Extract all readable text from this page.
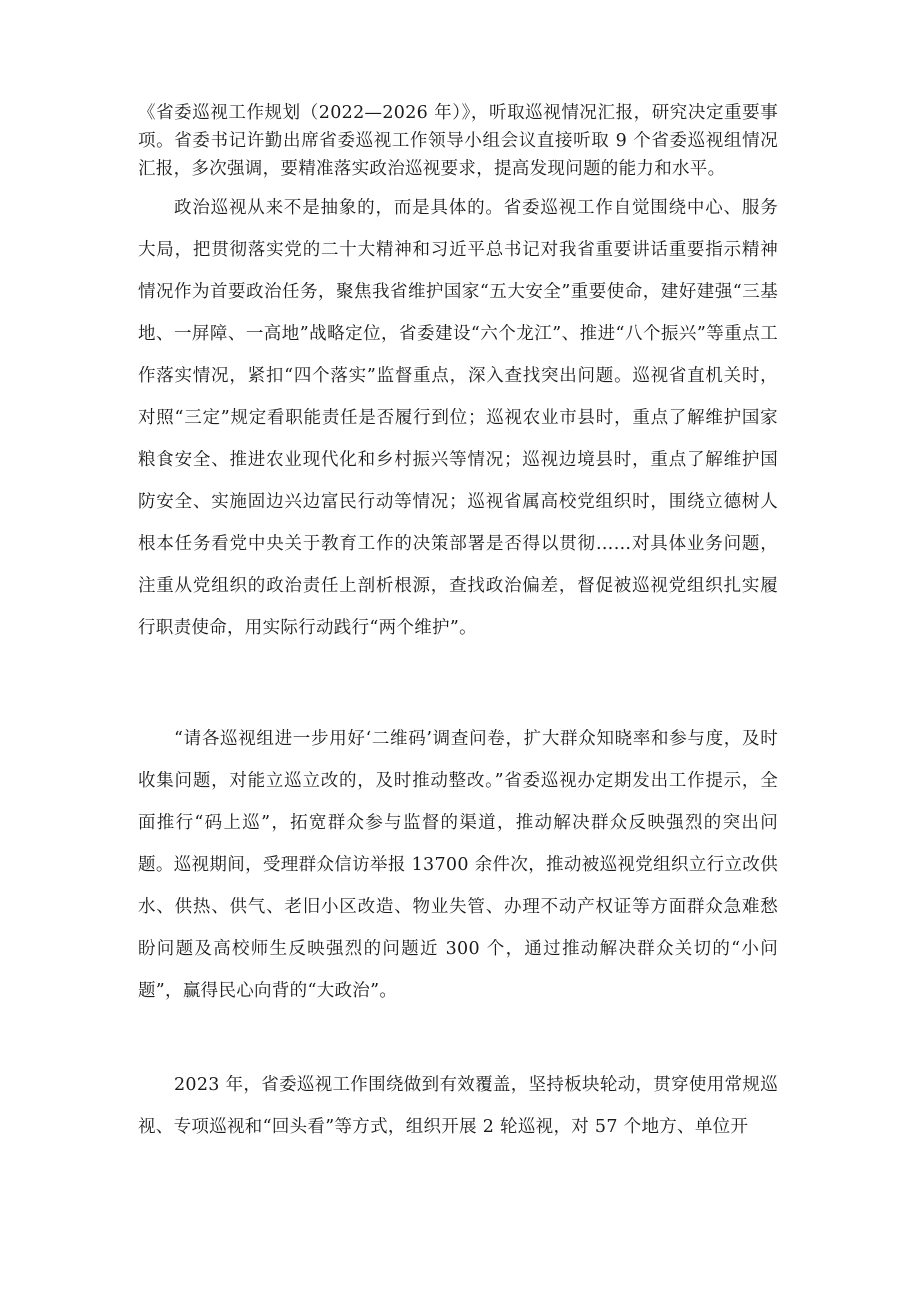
《省委巡视工作规划（2022—2026 年）》，听取巡视情况汇报，研究决定重要事项。省委书记许勤出席省委巡视工作领导小组会议直接听取 9 个省委巡视组情况汇报，多次强调，要精准落实政治巡视要求，提高发现问题的能力和水平。

政治巡视从来不是抽象的，而是具体的。省委巡视工作自觉围绕中心、服务大局，把贯彻落实党的二十大精神和习近平总书记对我省重要讲话重要指示精神情况作为首要政治任务，聚焦我省维护国家“五大安全”重要使命，建好建强“三基地、一屏障、一高地”战略定位，省委建设“六个龙江”、推进“八个振兴”等重点工作落实情况，紧扣“四个落实”监督重点，深入查找突出问题。巡视省直机关时，对照“三定”规定看职能责任是否履行到位；巡视农业市县时，重点了解维护国家粮食安全、推进农业现代化和乡村振兴等情况；巡视边境县时，重点了解维护国防安全、实施固边兴边富民行动等情况；巡视省属高校党组织时，围绕立德树人根本任务看党中央关于教育工作的决策部署是否得以贯彻……对具体业务问题，注重从党组织的政治责任上剖析根源，查找政治偏差，督促被巡视党组织扎实履行职责使命，用实际行动践行“两个维护”。

“请各巡视组进一步用好‘二维码’调查问卷，扩大群众知晓率和参与度，及时收集问题，对能立巡立改的，及时推动整改。”省委巡视办定期发出工作提示，全面推行“码上巡”，拓宽群众参与监督的渠道，推动解决群众反映强烈的突出问题。巡视期间，受理群众信访举报 13700 余件次，推动被巡视党组织立行立改供水、供热、供气、老旧小区改造、物业失管、办理不动产权证等方面群众急难愁盼问题及高校师生反映强烈的问题近 300 个，通过推动解决群众关切的“小问题”，赢得民心向背的“大政治”。

2023 年，省委巡视工作围绕做到有效覆盖，坚持板块轮动，贯穿使用常规巡视、专项巡视和“回头看”等方式，组织开展 2 轮巡视，对 57 个地方、单位开
